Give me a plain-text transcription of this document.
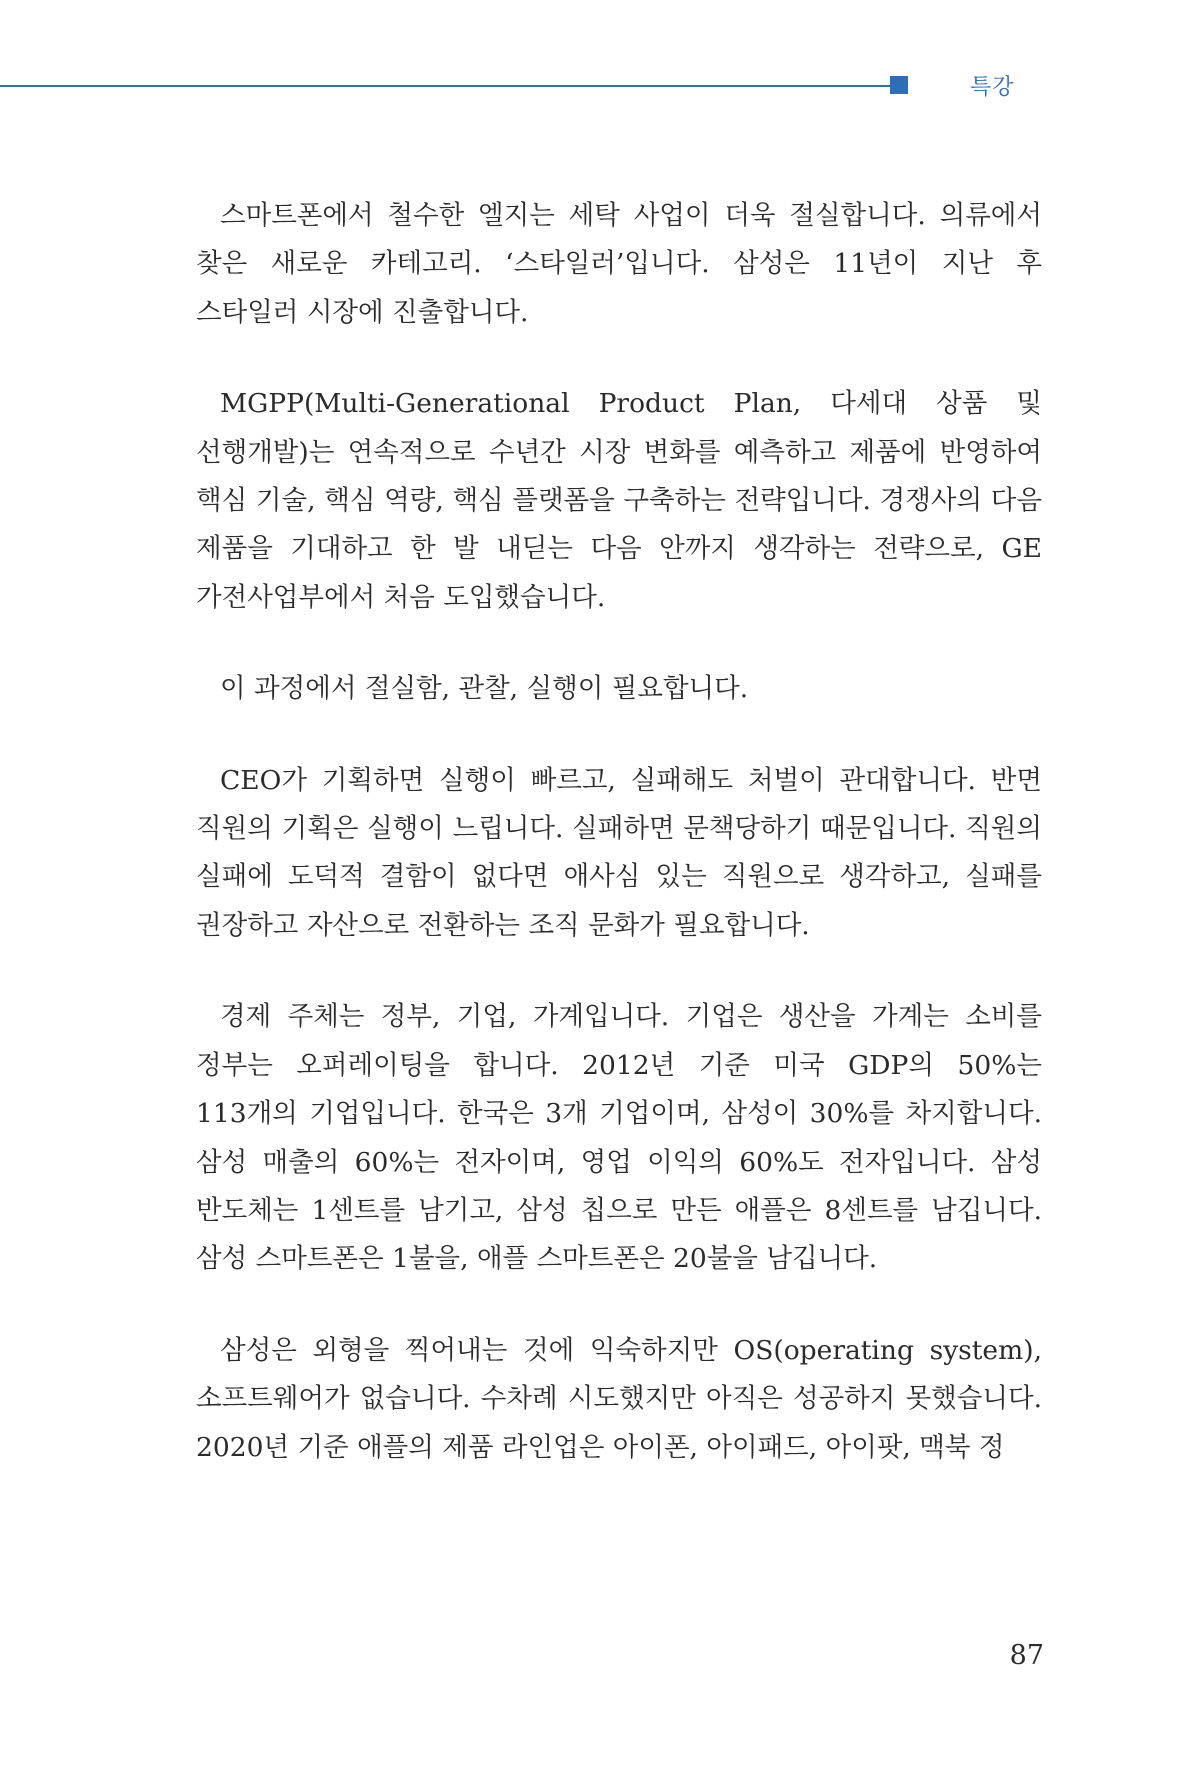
특강

스마트폰에서 철수한 엘지는 세탁 사업이 더욱 절실합니다. 의류에서 찾은 새로운 카테고리. ‘스타일러’입니다. 삼성은 11년이 지난 후 스타일러 시장에 진출합니다.

MGPP(Multi-Generational Product Plan, 다세대 상품 및 선행개발)는 연속적으로 수년간 시장 변화를 예측하고 제품에 반영하여 핵심 기술, 핵심 역량, 핵심 플랫폼을 구축하는 전략입니다. 경쟁사의 다음 제품을 기대하고 한 발 내딛는 다음 안까지 생각하는 전략으로, GE 가전사업부에서 처음 도입했습니다.

이 과정에서 절실함, 관찰, 실행이 필요합니다.

CEO가 기획하면 실행이 빠르고, 실패해도 처벌이 관대합니다. 반면 직원의 기획은 실행이 느립니다. 실패하면 문책당하기 때문입니다. 직원의 실패에 도덕적 결함이 없다면 애사심 있는 직원으로 생각하고, 실패를 권장하고 자산으로 전환하는 조직 문화가 필요합니다.

경제 주체는 정부, 기업, 가계입니다. 기업은 생산을 가계는 소비를 정부는 오퍼레이팅을 합니다. 2012년 기준 미국 GDP의 50%는 113개의 기업입니다. 한국은 3개 기업이며, 삼성이 30%를 차지합니다. 삼성 매출의 60%는 전자이며, 영업 이익의 60%도 전자입니다. 삼성 반도체는 1센트를 남기고, 삼성 칩으로 만든 애플은 8센트를 남깁니다. 삼성 스마트폰은 1불을, 애플 스마트폰은 20불을 남깁니다.

삼성은 외형을 찍어내는 것에 익숙하지만 OS(operating system), 소프트웨어가 없습니다. 수차례 시도했지만 아직은 성공하지 못했습니다. 2020년 기준 애플의 제품 라인업은 아이폰, 아이패드, 아이팟, 맥북 정

87
